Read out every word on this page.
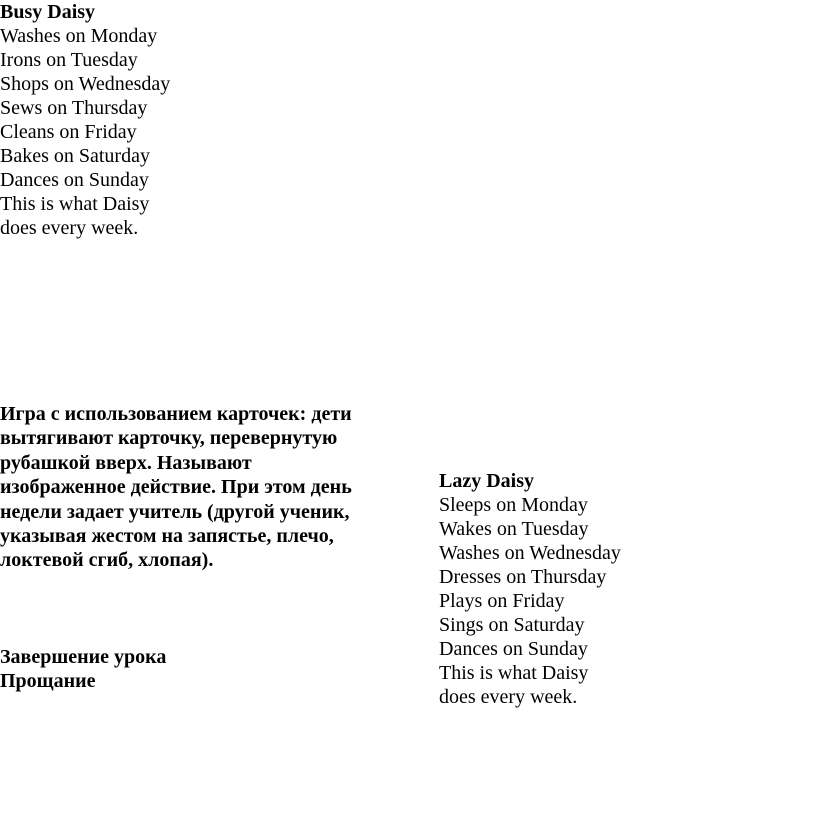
Busy Daisy
Washes on Monday
Irons on Tuesday
Shops on Wednesday
Sews on Thursday
Cleans on Friday
Bakes on Saturday
Dances on Sunday
This is what Daisy
does every week.
Игра с использованием карточек: дети
вытягивают карточку, перевернутую
рубашкой вверх. Называют
изображенное действие. При этом день
недели задает учитель (другой ученик,
указывая жестом на запястье, плечо,
локтевой сгиб, хлопая).
Завершение урока
Прощание
Lazy Daisy
Sleeps on Monday
Wakes on Tuesday
Washes on Wednesday
Dresses on Thursday
Plays on Friday
Sings on Saturday
Dances on Sunday
This is what Daisy
does every week.
